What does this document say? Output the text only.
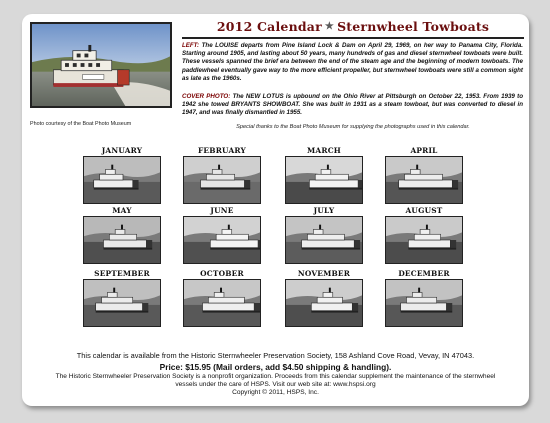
Photo courtesy of the Boat Photo Museum
2012 Calendar ★ Sternwheel Towboats
LEFT: The LOUISE departs from Pine Island Lock & Dam on April 29, 1969, on her way to Panama City, Florida. Starting around 1905, and lasting about 50 years, many hundreds of gas and diesel sternwheel towboats were built. These vessels spanned the brief era between the end of the steam age and the beginning of modern towboats. The paddlewheel eventually gave way to the more efficient propeller, but sternwheel towboats were still a common sight as late as the 1960s.
COVER PHOTO: The NEW LOTUS is upbound on the Ohio River at Pittsburgh on October 22, 1953. From 1939 to 1942 she towed BRYANTS SHOWBOAT. She was built in 1931 as a steam towboat, but was converted to diesel in 1947, and was finally dismantled in 1955.
Special thanks to the Boat Photo Museum for supplying the photographs used in this calendar.
JANUARY	FEBRUARY	MARCH	APRIL
MAY	JUNE	JULY	AUGUST
SEPTEMBER	OCTOBER	NOVEMBER	DECEMBER
This calendar is available from the Historic Sternwheeler Preservation Society, 158 Ashland Cove Road, Vevay, IN 47043.
Price: $15.95 (Mail orders, add $4.50 shipping & handling).
The Historic Sternwheeler Preservation Society is a nonprofit organization. Proceeds from this calendar supplement the maintenance of the sternwheel
vessels under the care of HSPS. Visit our web site at: www.hspsi.org
Copyright © 2011, HSPS, Inc.
